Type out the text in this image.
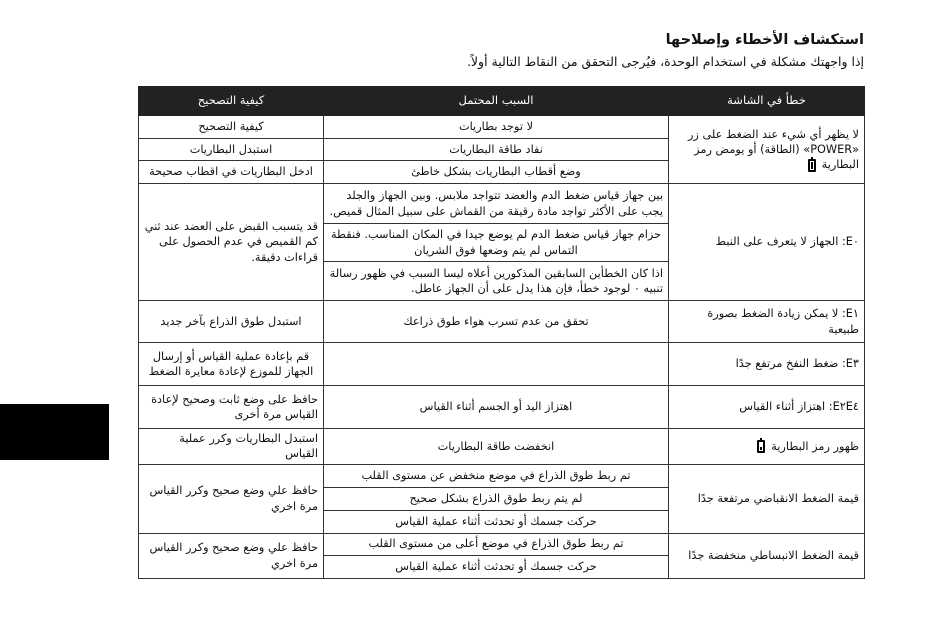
استكشاف الأخطاء وإصلاحها

إذا واجهتك مشكلة في استخدام الوحدة، فيُرجى التحقق من النقاط التالية أولاً.

خطأ في الشاشة	السبب المحتمل	كيفية التصحيح
لا يظهر أي شيء عند الضغط على زر «POWER» (الطاقة) أو يومض رمز البطارية	لا توجد بطاريات	كيفية التصحيح
	نفاد طاقة البطاريات	استبدل البطاريات
	وضع أقطاب البطاريات بشكل خاطئ	ادخل البطاريات في اقطاب صحيحة
E٠: الجهاز لا يتعرف على النبط	بين جهاز قياس ضغط الدم والعضد تتواجد ملابس. وبين الجهاز والجلد يجب على الأكثر تواجد مادة رقيقة من القماش على سبيل المثال قميص.	قد يتسبب القبض على العضد عند ثني كم القميص في عدم الحصول على قراءات دقيقة.
	حزام جهاز قياس ضغط الدم لم يوضع جيدا في المكان المناسب. فنقطة التماس لم يتم وضعها فوق الشريان	
	اذا كان الخطأين السابقين المذكورين أعلاه ليسا السبب في ظهور رسالة تنبيه ٠ لوجود خطأ، فإن هذا يدل على أن الجهاز عاطل.	
E١: لا يمكن زيادة الضغط بصورة طبيعية	تحقق من عدم تسرب هواء طوق ذراعك	استبدل طوق الذراع بآخر جديد
E٣: ضغط النفخ مرتفع جدًا		قم بإعادة عملية القياس أو إرسال الجهاز للموزع لإعادة معايرة الضغط
E٢E٤: اهتزاز أثناء القياس	اهتزاز اليد أو الجسم أثناء القياس	حافظ على وضع ثابت وصحيح لإعادة القياس مرة أخرى
ظهور رمز البطارية	انخفضت طاقة البطاريات	استبدل البطاريات وكرر عملية القياس
قيمة الضغط الانقباضي مرتفعة جدًا	تم ربط طوق الذراع في موضع منخفض عن مستوى القلب	حافظ علي وضع صحيح وكرر القياس مرة اخري
	لم يتم ربط طوق الذراع بشكل صحيح	
	حركت جسمك أو تحدثت أثناء عملية القياس	
قيمة الضغط الانبساطي منخفضة جدًا	تم ربط طوق الذراع في موضع أعلى من مستوى القلب	حافظ علي وضع صحيح وكرر القياس مرة اخري
	حركت جسمك أو تحدثت أثناء عملية القياس	
